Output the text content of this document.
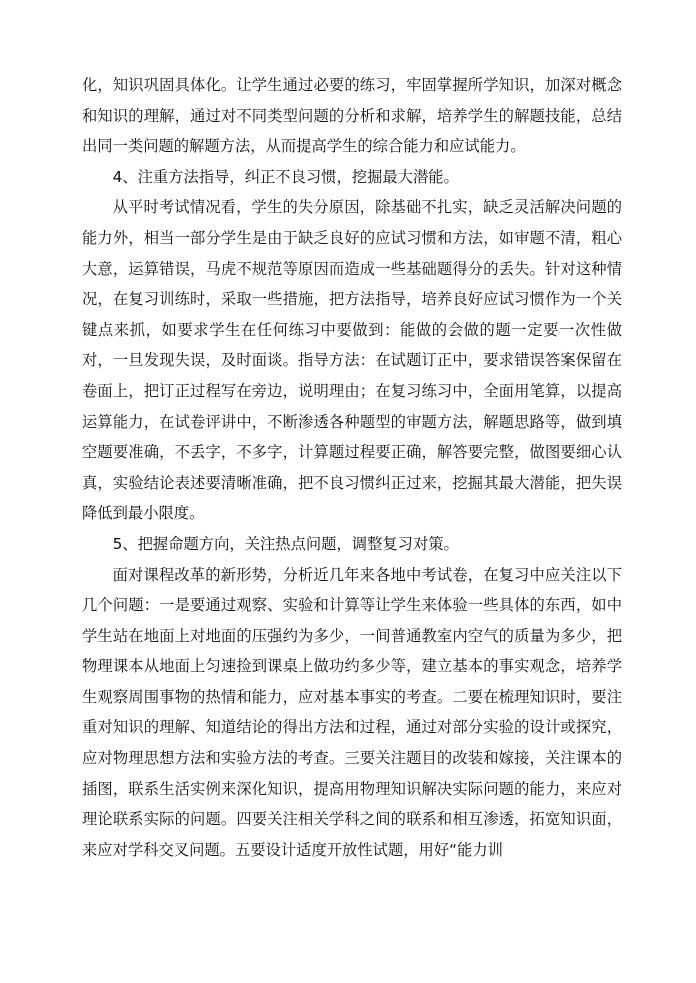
化，知识巩固具体化。让学生通过必要的练习，牢固掌握所学知识，加深对概念和知识的理解，通过对不同类型问题的分析和求解，培养学生的解题技能，总结出同一类问题的解题方法，从而提高学生的综合能力和应试能力。

4、注重方法指导，纠正不良习惯，挖掘最大潜能。

从平时考试情况看，学生的失分原因，除基础不扎实，缺乏灵活解决问题的能力外，相当一部分学生是由于缺乏良好的应试习惯和方法，如审题不清，粗心大意，运算错误，马虎不规范等原因而造成一些基础题得分的丢失。针对这种情况，在复习训练时，采取一些措施，把方法指导，培养良好应试习惯作为一个关键点来抓，如要求学生在任何练习中要做到：能做的会做的题一定要一次性做对，一旦发现失误，及时面谈。指导方法：在试题订正中，要求错误答案保留在卷面上，把订正过程写在旁边，说明理由；在复习练习中，全面用笔算，以提高运算能力，在试卷评讲中，不断渗透各种题型的审题方法，解题思路等，做到填空题要准确，不丢字，不多字，计算题过程要正确，解答要完整，做图要细心认真，实验结论表述要清晰准确，把不良习惯纠正过来，挖掘其最大潜能，把失误降低到最小限度。

5、把握命题方向，关注热点问题，调整复习对策。

面对课程改革的新形势，分析近几年来各地中考试卷，在复习中应关注以下几个问题：一是要通过观察、实验和计算等让学生来体验一些具体的东西，如中学生站在地面上对地面的压强约为多少，一间普通教室内空气的质量为多少，把物理课本从地面上匀速捡到课桌上做功约多少等，建立基本的事实观念，培养学生观察周围事物的热情和能力，应对基本事实的考查。二要在梳理知识时，要注重对知识的理解、知道结论的得出方法和过程，通过对部分实验的设计或探究，应对物理思想方法和实验方法的考查。三要关注题目的改装和嫁接，关注课本的插图，联系生活实例来深化知识，提高用物理知识解决实际问题的能力，来应对理论联系实际的问题。四要关注相关学科之间的联系和相互渗透，拓宽知识面，来应对学科交叉问题。五要设计适度开放性试题，用好“能力训
